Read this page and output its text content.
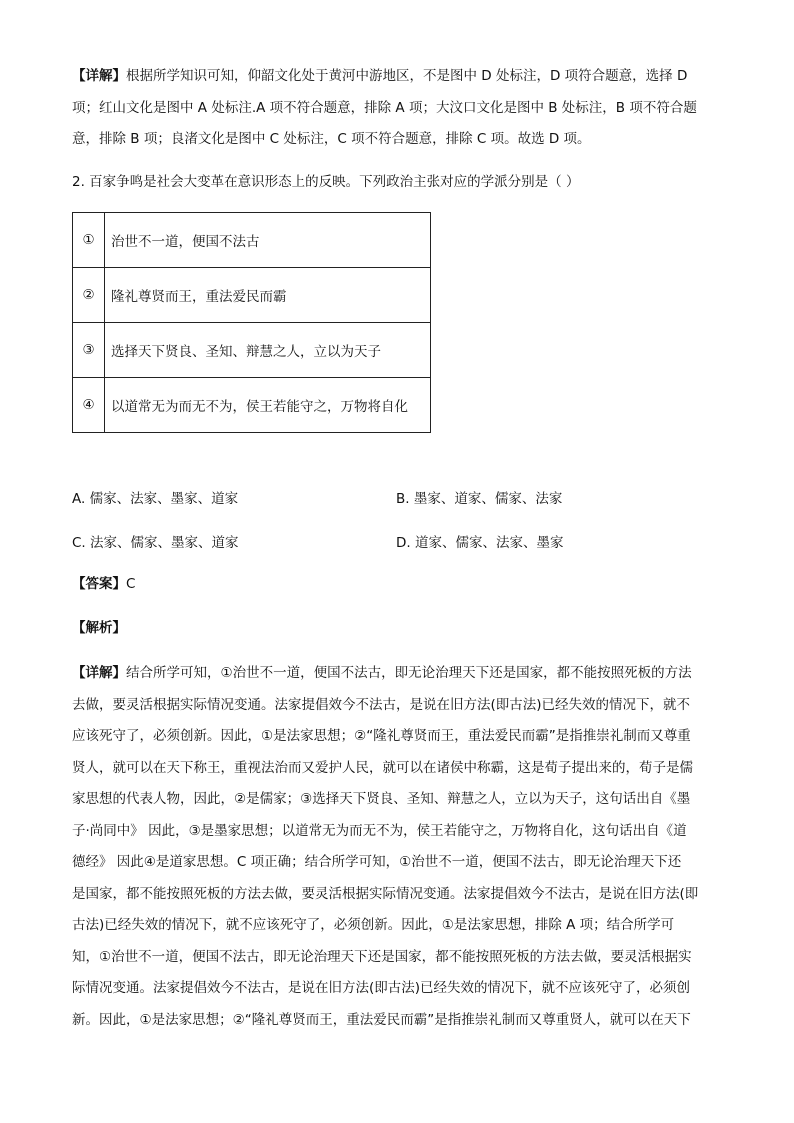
【详解】根据所学知识可知，仰韶文化处于黄河中游地区，不是图中 D 处标注，D 项符合题意，选择 D
项；红山文化是图中 A 处标注.A 项不符合题意，排除 A 项；大汶口文化是图中 B 处标注，B 项不符合题
意，排除 B 项；良渚文化是图中 C 处标注，C 项不符合题意，排除 C 项。故选 D 项。
2. 百家争鸣是社会大变革在意识形态上的反映。下列政治主张对应的学派分别是（ ）
①	治世不一道，便国不法古
②	隆礼尊贤而王，重法爱民而霸
③	选择天下贤良、圣知、辩慧之人，立以为天子
④	以道常无为而无不为，侯王若能守之，万物将自化
A. 儒家、法家、墨家、道家	B. 墨家、道家、儒家、法家
C. 法家、儒家、墨家、道家	D. 道家、儒家、法家、墨家
【答案】C
【解析】
【详解】结合所学可知，①治世不一道，便国不法古，即无论治理天下还是国家，都不能按照死板的方法
去做，要灵活根据实际情况变通。法家提倡效今不法古，是说在旧方法(即古法)已经失效的情况下，就不
应该死守了，必须创新。因此，①是法家思想；②“隆礼尊贤而王，重法爱民而霸”是指推崇礼制而又尊重
贤人，就可以在天下称王，重视法治而又爱护人民，就可以在诸侯中称霸，这是荀子提出来的，荀子是儒
家思想的代表人物，因此，②是儒家；③选择天下贤良、圣知、辩慧之人，立以为天子，这句话出自《墨
子·尚同中》 因此，③是墨家思想；以道常无为而无不为，侯王若能守之，万物将自化，这句话出自《道
德经》 因此④是道家思想。C 项正确；结合所学可知，①治世不一道，便国不法古，即无论治理天下还
是国家，都不能按照死板的方法去做，要灵活根据实际情况变通。法家提倡效今不法古，是说在旧方法(即
古法)已经失效的情况下，就不应该死守了，必须创新。因此，①是法家思想，排除 A 项；结合所学可
知，①治世不一道，便国不法古，即无论治理天下还是国家，都不能按照死板的方法去做，要灵活根据实
际情况变通。法家提倡效今不法古，是说在旧方法(即古法)已经失效的情况下，就不应该死守了，必须创
新。因此，①是法家思想；②“隆礼尊贤而王，重法爱民而霸”是指推崇礼制而又尊重贤人，就可以在天下
